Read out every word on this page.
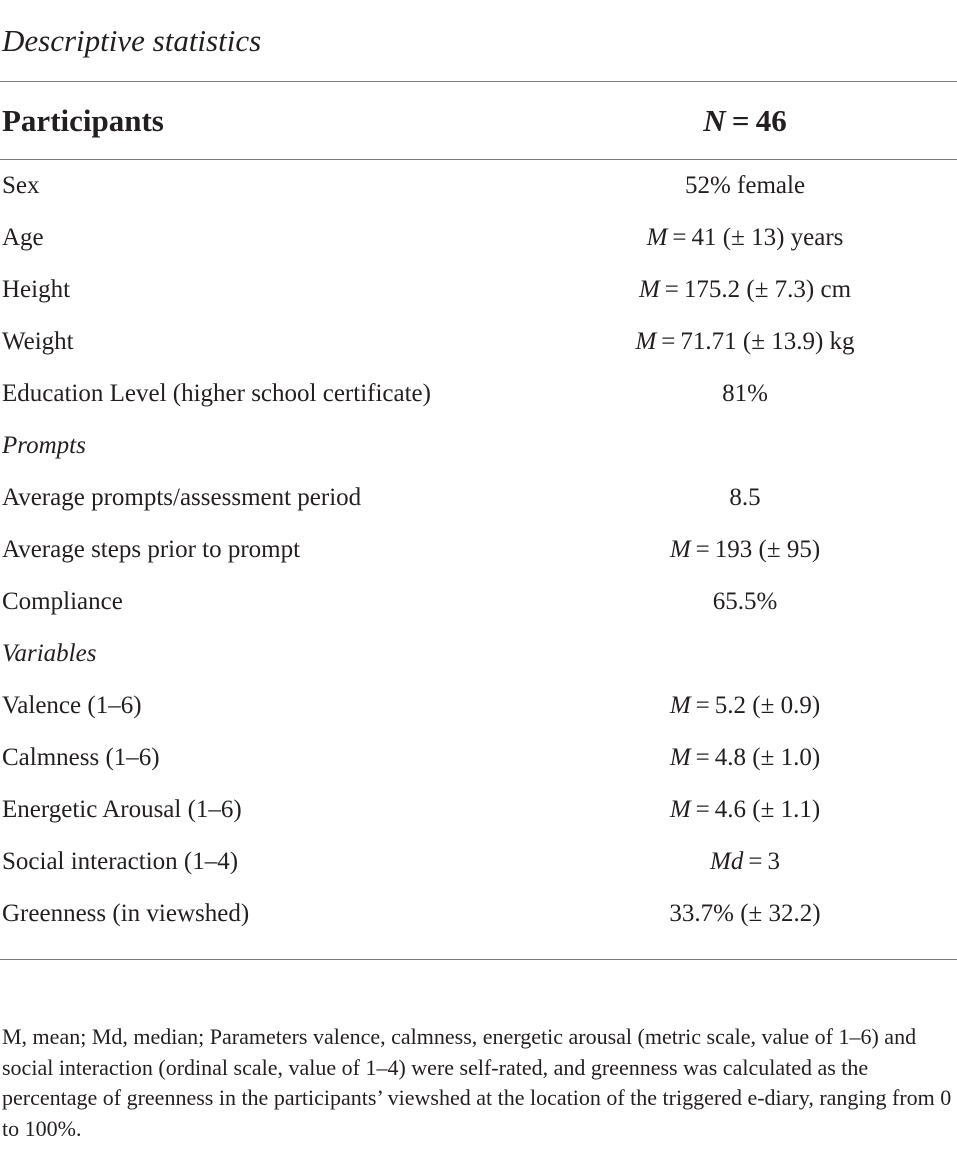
Descriptive statistics
Participants	N = 46
Sex	52% female
Age	M = 41 (± 13) years
Height	M = 175.2 (± 7.3) cm
Weight	M = 71.71 (± 13.9) kg
Education Level (higher school certificate)	81%
Prompts
Average prompts/assessment period	8.5
Average steps prior to prompt	M = 193 (± 95)
Compliance	65.5%
Variables
Valence (1–6)	M = 5.2 (± 0.9)
Calmness (1–6)	M = 4.8 (± 1.0)
Energetic Arousal (1–6)	M = 4.6 (± 1.1)
Social interaction (1–4)	Md = 3
Greenness (in viewshed)	33.7% (± 32.2)
M, mean; Md, median; Parameters valence, calmness, energetic arousal (metric scale, value of 1–6) and social interaction (ordinal scale, value of 1–4) were self-rated, and greenness was calculated as the percentage of greenness in the participants’ viewshed at the location of the triggered e-diary, ranging from 0 to 100%.
